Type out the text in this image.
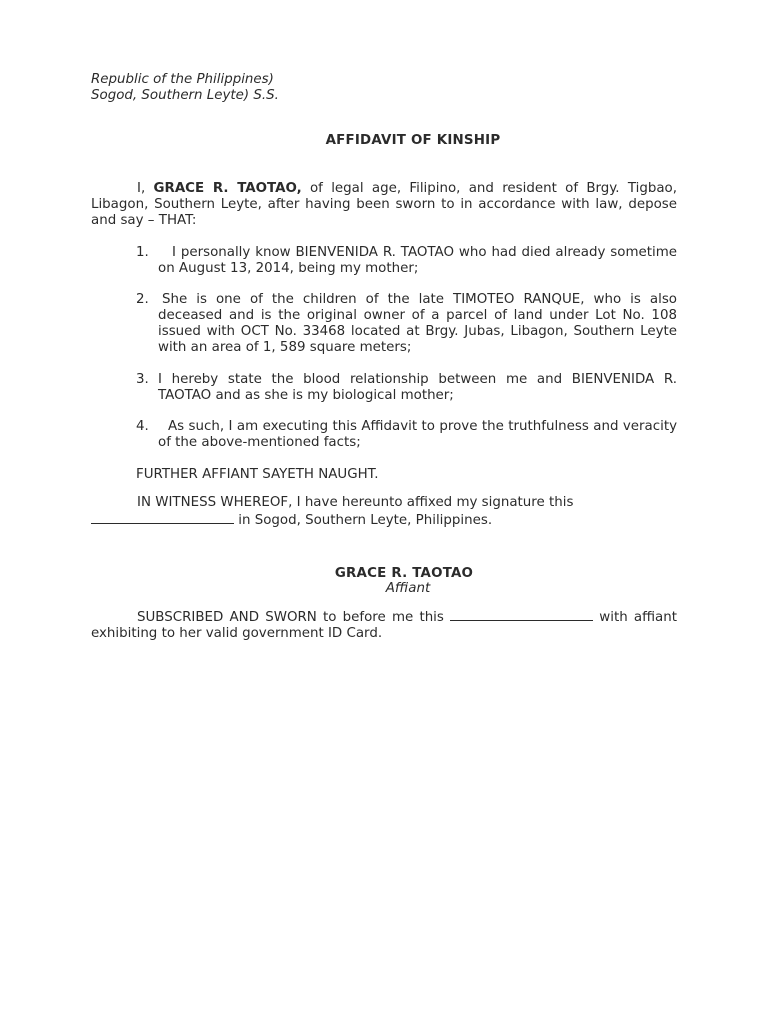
Republic of the Philippines)
Sogod, Southern Leyte) S.S.
AFFIDAVIT OF KINSHIP
I, GRACE R. TAOTAO, of legal age, Filipino, and resident of Brgy. Tigbao, Libagon, Southern Leyte, after having been sworn to in accordance with law, depose and say – THAT:
1.	I personally know BIENVENIDA R. TAOTAO who had died already sometime on August 13, 2014, being my mother;
2. She is one of the children of the late TIMOTEO RANQUE, who is also deceased and is the original owner of a parcel of land under Lot No. 108 issued with OCT No. 33468 located at Brgy. Jubas, Libagon, Southern Leyte with an area of 1, 589 square meters;
3. I hereby state the blood relationship between me and BIENVENIDA R. TAOTAO and as she is my biological mother;
4.	As such, I am executing this Affidavit to prove the truthfulness and veracity of the above-mentioned facts;
FURTHER AFFIANT SAYETH NAUGHT.
IN WITNESS WHEREOF, I have hereunto affixed my signature this
in Sogod, Southern Leyte, Philippines.
GRACE R. TAOTAO
Affiant
SUBSCRIBED AND SWORN to before me this	with affiant exhibiting to her valid government ID Card.
